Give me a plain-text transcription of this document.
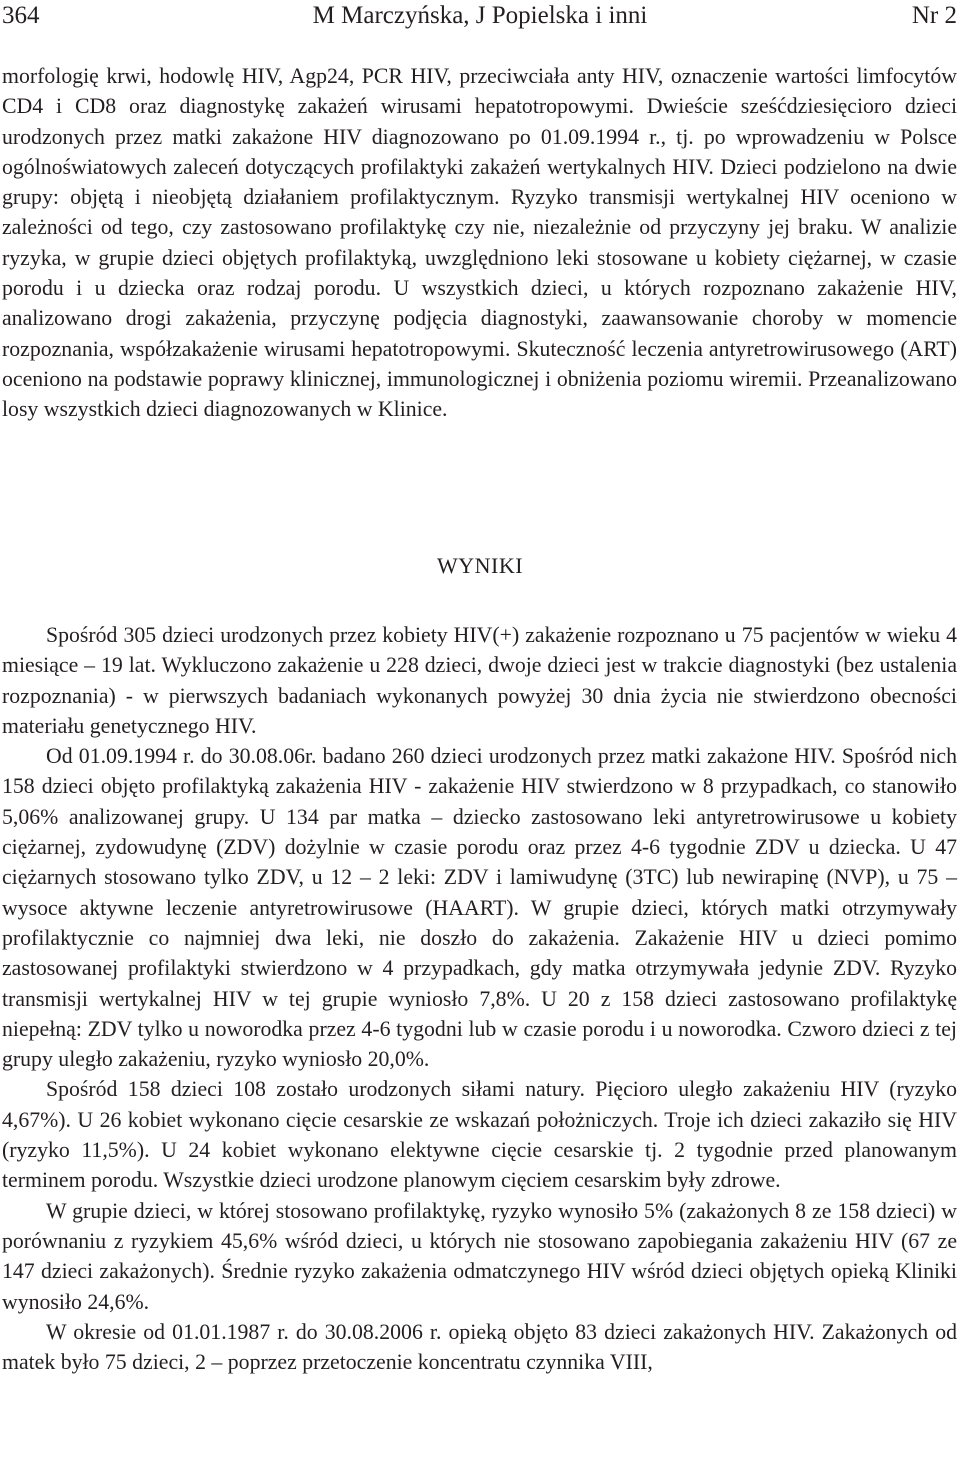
364	M Marczyńska, J Popielska i inni	Nr 2

morfologię krwi, hodowlę HIV, Agp24, PCR HIV, przeciwciała anty HIV, oznaczenie wartości limfocytów CD4 i CD8 oraz diagnostykę zakażeń wirusami hepatotropowymi. Dwieście sześćdziesięcioro dzieci urodzonych przez matki zakażone HIV diagnozowano po 01.09.1994 r., tj. po wprowadzeniu w Polsce ogólnoświatowych zaleceń dotyczących profilaktyki zakażeń wertykalnych HIV. Dzieci podzielono na dwie grupy: objętą i nieobjętą działaniem profilaktycznym. Ryzyko transmisji wertykalnej HIV oceniono w zależności od tego, czy zastosowano profilaktykę czy nie, niezależnie od przyczyny jej braku. W analizie ryzyka, w grupie dzieci objętych profilaktyką, uwzględniono leki stosowane u kobiety ciężarnej, w czasie porodu i u dziecka oraz rodzaj porodu. U wszystkich dzieci, u których rozpoznano zakażenie HIV, analizowano drogi zakażenia, przyczynę podjęcia diagnostyki, zaawansowanie choroby w momencie rozpoznania, współzakażenie wirusami hepatotropowymi. Skuteczność leczenia antyretrowirusowego (ART) oceniono na podstawie poprawy klinicznej, immunologicznej i obniżenia poziomu wiremii. Przeanalizowano losy wszystkich dzieci diagnozowanych w Klinice.

WYNIKI

Spośród 305 dzieci urodzonych przez kobiety HIV(+) zakażenie rozpoznano u 75 pacjentów w wieku 4 miesiące – 19 lat. Wykluczono zakażenie u 228 dzieci, dwoje dzieci jest w trakcie diagnostyki (bez ustalenia rozpoznania) - w pierwszych badaniach wykonanych powyżej 30 dnia życia nie stwierdzono obecności materiału genetycznego HIV.

Od 01.09.1994 r. do 30.08.06r. badano 260 dzieci urodzonych przez matki zakażone HIV. Spośród nich 158 dzieci objęto profilaktyką zakażenia HIV - zakażenie HIV stwierdzono w 8 przypadkach, co stanowiło 5,06% analizowanej grupy. U 134 par matka – dziecko zastosowano leki antyretrowirusowe u kobiety ciężarnej, zydowudynę (ZDV) dożylnie w czasie porodu oraz przez 4-6 tygodnie ZDV u dziecka. U 47 ciężarnych stosowano tylko ZDV, u 12 – 2 leki: ZDV i lamiwudynę (3TC) lub newirapinę (NVP), u 75 – wysoce aktywne leczenie antyretrowirusowe (HAART). W grupie dzieci, których matki otrzymywały profilaktycznie co najmniej dwa leki, nie doszło do zakażenia. Zakażenie HIV u dzieci pomimo zastosowanej profilaktyki stwierdzono w 4 przypadkach, gdy matka otrzymywała jedynie ZDV. Ryzyko transmisji wertykalnej HIV w tej grupie wyniosło 7,8%. U 20 z 158 dzieci zastosowano profilaktykę niepełną: ZDV tylko u noworodka przez 4-6 tygodni lub w czasie porodu i u noworodka. Czworo dzieci z tej grupy uległo zakażeniu, ryzyko wyniosło 20,0%.

Spośród 158 dzieci 108 zostało urodzonych siłami natury. Pięcioro uległo zakażeniu HIV (ryzyko 4,67%). U 26 kobiet wykonano cięcie cesarskie ze wskazań położniczych. Troje ich dzieci zakaziło się HIV (ryzyko 11,5%). U 24 kobiet wykonano elektywne cięcie cesarskie tj. 2 tygodnie przed planowanym terminem porodu. Wszystkie dzieci urodzone planowym cięciem cesarskim były zdrowe.

W grupie dzieci, w której stosowano profilaktykę, ryzyko wynosiło 5% (zakażonych 8 ze 158 dzieci) w porównaniu z ryzykiem 45,6% wśród dzieci, u których nie stosowano zapobiegania zakażeniu HIV (67 ze 147 dzieci zakażonych). Średnie ryzyko zakażenia odmatczynego HIV wśród dzieci objętych opieką Kliniki wynosiło 24,6%.

W okresie od 01.01.1987 r. do 30.08.2006 r. opieką objęto 83 dzieci zakażonych HIV. Zakażonych od matek było 75 dzieci, 2 – poprzez przetoczenie koncentratu czynnika VIII,
